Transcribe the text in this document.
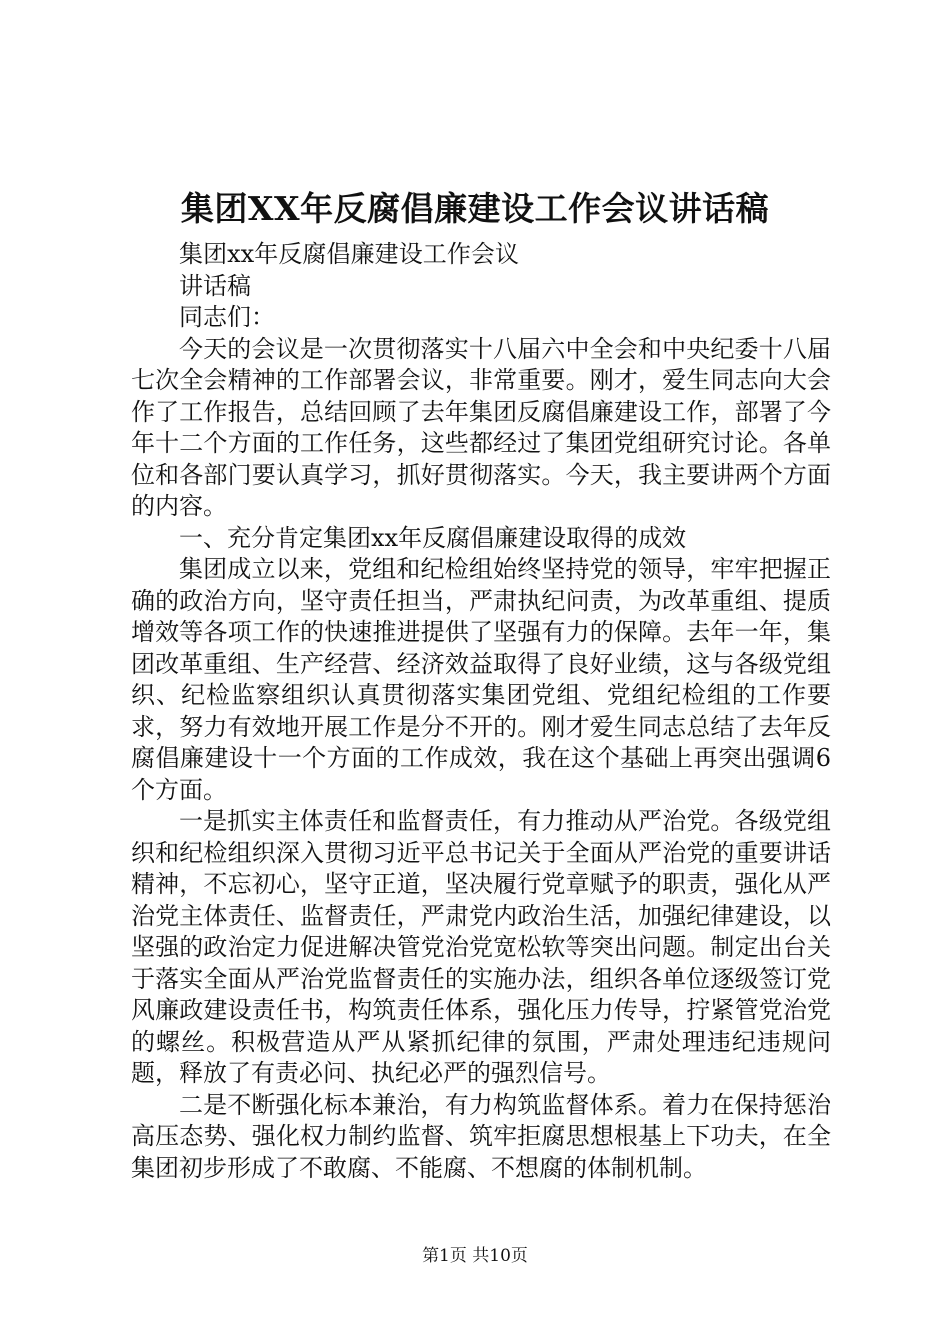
集团XX年反腐倡廉建设工作会议讲话稿

集团xx年反腐倡廉建设工作会议讲话稿

同志们：

今天的会议是一次贯彻落实十八届六中全会和中央纪委十八届七次全会精神的工作部署会议，非常重要。刚才，爱生同志向大会作了工作报告，总结回顾了去年集团反腐倡廉建设工作，部署了今年十二个方面的工作任务，这些都经过了集团党组研究讨论。各单位和各部门要认真学习，抓好贯彻落实。今天，我主要讲两个方面的内容。

一、充分肯定集团xx年反腐倡廉建设取得的成效

集团成立以来，党组和纪检组始终坚持党的领导，牢牢把握正确的政治方向，坚守责任担当，严肃执纪问责，为改革重组、提质增效等各项工作的快速推进提供了坚强有力的保障。去年一年，集团改革重组、生产经营、经济效益取得了良好业绩，这与各级党组织、纪检监察组织认真贯彻落实集团党组、党组纪检组的工作要求，努力有效地开展工作是分不开的。刚才爱生同志总结了去年反腐倡廉建设十一个方面的工作成效，我在这个基础上再突出强调6个方面。

一是抓实主体责任和监督责任，有力推动从严治党。各级党组织和纪检组织深入贯彻习近平总书记关于全面从严治党的重要讲话精神，不忘初心，坚守正道，坚决履行党章赋予的职责，强化从严治党主体责任、监督责任，严肃党内政治生活，加强纪律建设，以坚强的政治定力促进解决管党治党宽松软等突出问题。制定出台关于落实全面从严治党监督责任的实施办法，组织各单位逐级签订党风廉政建设责任书，构筑责任体系，强化压力传导，拧紧管党治党的螺丝。积极营造从严从紧抓纪律的氛围，严肃处理违纪违规问题，释放了有责必问、执纪必严的强烈信号。

二是不断强化标本兼治，有力构筑监督体系。着力在保持惩治高压态势、强化权力制约监督、筑牢拒腐思想根基上下功夫，在全集团初步形成了不敢腐、不能腐、不想腐的体制机制。

第1页 共10页
